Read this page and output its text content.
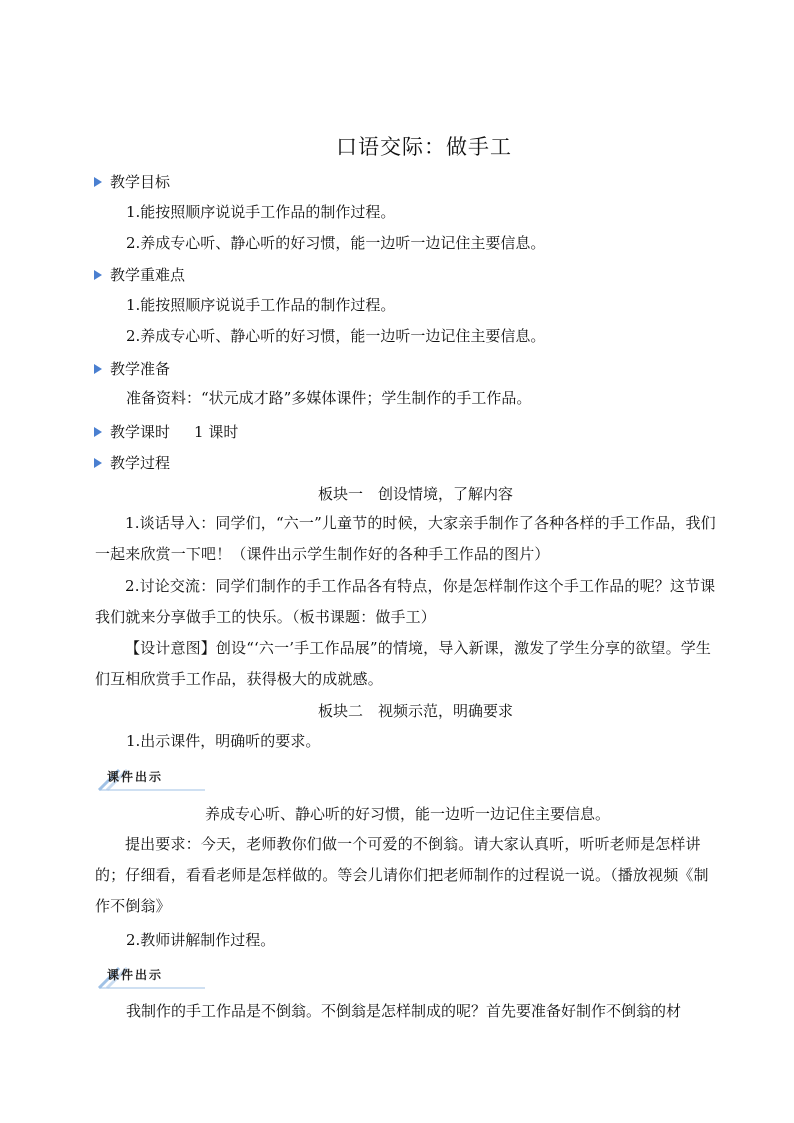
口语交际：做手工
教学目标
1.能按照顺序说说手工作品的制作过程。
2.养成专心听、静心听的好习惯，能一边听一边记住主要信息。
教学重难点
1.能按照顺序说说手工作品的制作过程。
2.养成专心听、静心听的好习惯，能一边听一边记住主要信息。
教学准备
准备资料：“状元成才路”多媒体课件；学生制作的手工作品。
教学课时 1 课时
教学过程
板块一　创设情境，了解内容
1.谈话导入：同学们，“六一”儿童节的时候，大家亲手制作了各种各样的手工作品，我们一起来欣赏一下吧！（课件出示学生制作好的各种手工作品的图片）
2.讨论交流：同学们制作的手工作品各有特点，你是怎样制作这个手工作品的呢？这节课我们就来分享做手工的快乐。（板书课题：做手工）
【设计意图】创设“‘六一’手工作品展”的情境，导入新课，激发了学生分享的欲望。学生们互相欣赏手工作品，获得极大的成就感。
板块二　视频示范，明确要求
1.出示课件，明确听的要求。
课件出示
养成专心听、静心听的好习惯，能一边听一边记住主要信息。
提出要求：今天，老师教你们做一个可爱的不倒翁。请大家认真听，听听老师是怎样讲的；仔细看，看看老师是怎样做的。等会儿请你们把老师制作的过程说一说。（播放视频《制作不倒翁》
2.教师讲解制作过程。
课件出示
我制作的手工作品是不倒翁。不倒翁是怎样制成的呢？首先要准备好制作不倒翁的材
